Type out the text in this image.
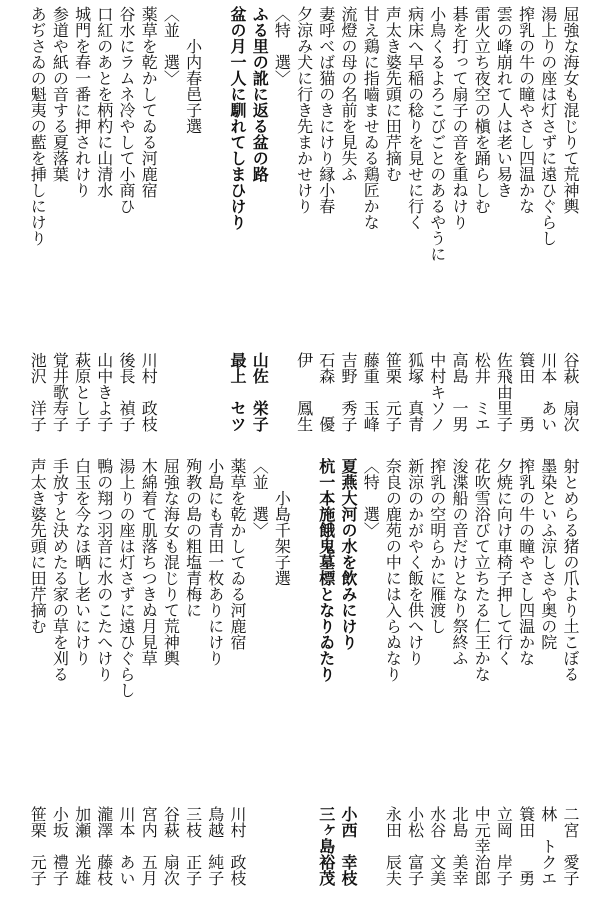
屈強な海女も混じりて荒神輿
谷萩　扇次
湯上りの座は灯さずに遠ひぐらし
川本　あい
搾乳の牛の瞳やさし四温かな
簑田　　勇
雲の峰崩れて人は老い易き
佐飛由里子
雷火立ち夜空の槇を踊らしむ
松井　ミエ
碁を打って扇子の音を重ねけり
高島　一男
小鳥くるよろこびごとのあるやうに
中村キソノ
病床へ早稲の稔りを見せに行く
狐塚　真青
声太き婆先頭に田芹摘む
笹栗　元子
甘え鶏に指嚙ませゐる鶏匠かな
藤重　玉峰
流燈の母の名前を見失ふ
吉野　秀子
妻呼べば猫のきにけり縁小春
石森　　優
夕涼み犬に行き先まかせけり
伊　　鳳生
〈特　選〉
ふる里の訛に返る盆の路
山佐　栄子
盆の月一人に馴れてしまひけり
最上　セツ
　　小内春邑子選
〈並　選〉
薬草を乾かしてゐる河鹿宿
川村　政枝
谷水にラムネ冷やして小商ひ
後長　禎子
口紅のあとを柄杓に山清水
山中きよ子
城門を春一番に押されけり
萩原とし子
参道や紙の音する夏落葉
覚井歌寿子
あぢさゐの魁夷の藍を挿しにけり
池沢　洋子
射とめらる猪の爪より土こぼる
二宮　愛子
墨染といふ涼しさや奥の院
林　トクエ
搾乳の牛の瞳やさし四温かな
簑田　　勇
夕焼に向け車椅子押して行く
立岡　岸子
花吹雪浴びて立ちたる仁王かな
中元幸治郎
浚渫船の音だけとなり祭終ふ
北島　美幸
搾乳の空明らかに雁渡し
水谷　文美
新涼のかがやく飯を供へけり
小松　富子
奈良の鹿苑の中には入らぬなり
永田　辰夫
〈特　選〉
夏燕大河の水を飲みにけり
小西　幸枝
杭一本施餓鬼墓標となりゐたり
三ヶ島裕茂
　　小島千架子選
〈並　選〉
薬草を乾かしてゐる河鹿宿
川村　政枝
小島にも青田一枚ありにけり
鳥越　純子
殉教の島の粗塩青梅に
三枝　正子
屈強な海女も混じりて荒神輿
谷萩　扇次
木綿着て肌落ちつきぬ月見草
宮内　五月
湯上りの座は灯さずに遠ひぐらし
川本　あい
鴨の翔つ羽音に水のこたへけり
瀧澤　藤枝
白玉を今なほ晒し老いにけり
加瀬　光雄
手放すと決めたる家の草を刈る
小坂　禮子
声太き婆先頭に田芹摘む
笹栗　元子
